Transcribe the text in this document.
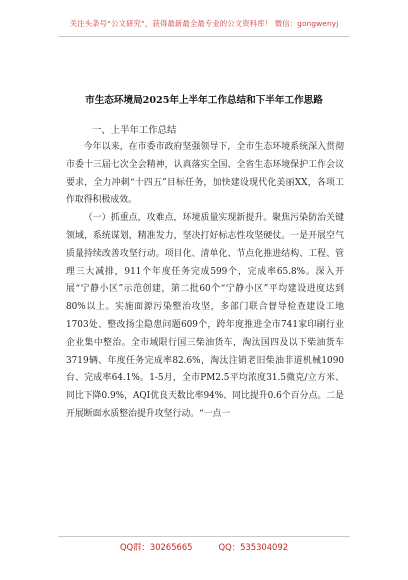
关注头条号“公文研究”，获得最新最全最专业的公文资料库！ 微信：gongwenyj
市生态环境局2025年上半年工作总结和下半年工作思路
一、上半年工作总结

今年以来，在市委市政府坚强领导下，全市生态环境系统深入贯彻市委十三届七次全会精神，认真落实全国、全省生态环境保护工作会议要求，全力冲刺“十四五”目标任务，加快建设现代化美丽XX，各项工作取得积极成效。

（一）抓重点，攻难点，环境质量实现新提升。聚焦污染防治关键领域，系统谋划，精准发力，坚决打好标志性攻坚硬仗。一是开展空气质量持续改善攻坚行动。项目化、清单化、节点化推进结构、工程、管理三大减排，911个年度任务完成599个，完成率65.8%。深入开展“宁静小区”示范创建，第二批60个“宁静小区”平均建设进度达到80%以上。实施面源污染整治攻坚，多部门联合督导检查建设工地1703处、整改扬尘隐患问题609个，跨年度推进全市741家印刷行业企业集中整治。全市域限行国三柴油货车，淘汰国四及以下柴油货车3719辆、年度任务完成率82.6%，淘汰注销老旧柴油非道机械1090台、完成率64.1%。1-5月，全市PM2.5平均浓度31.5微克/立方米、同比下降0.9%，AQI优良天数比率94%、同比提升0.6个百分点。二是开展断面水质整治提升攻坚行动。“一点一

QQ群：30265665	QQ：535304092
